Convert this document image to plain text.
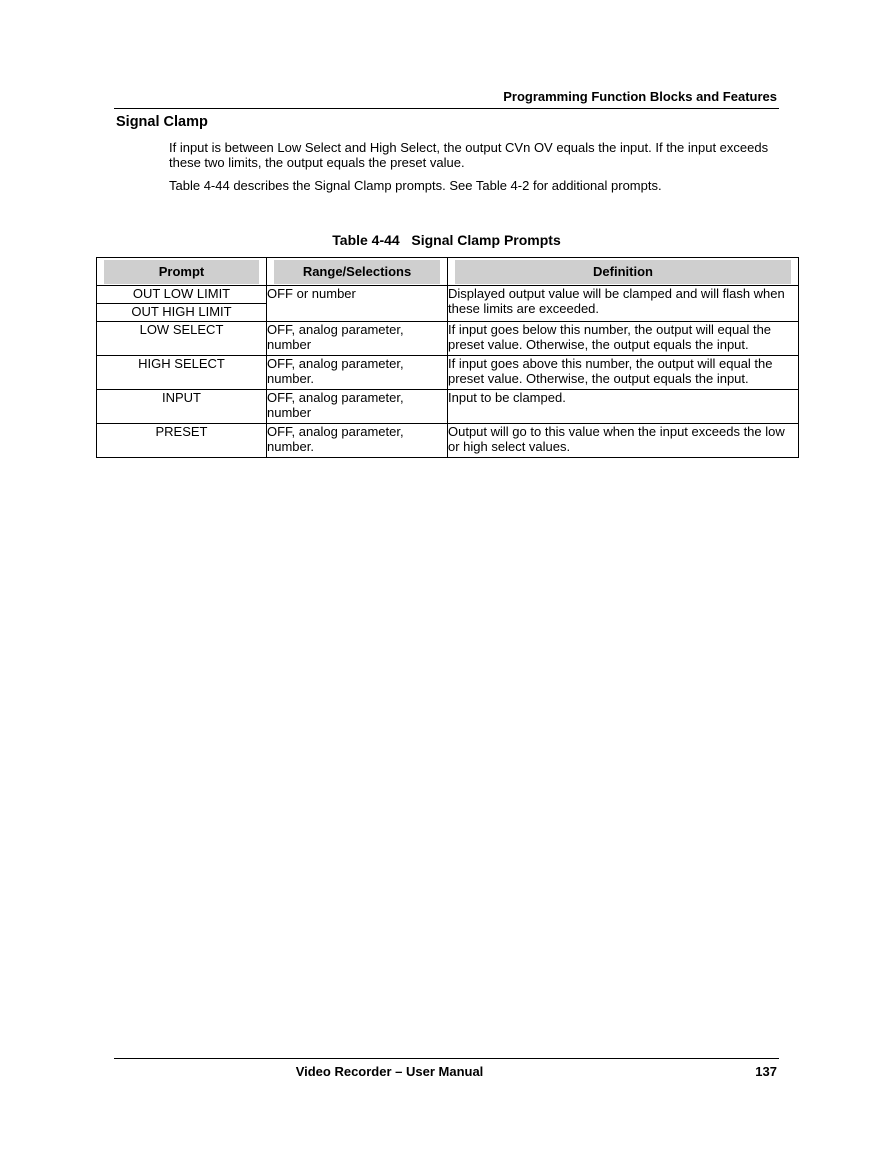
Programming Function Blocks and Features
Signal Clamp

If input is between Low Select and High Select, the output CVn OV equals the input. If the input exceeds these two limits, the output equals the preset value.

Table 4-44 describes the Signal Clamp prompts. See Table 4-2 for additional prompts.

Table 4-44   Signal Clamp Prompts
Prompt	Range/Selections	Definition

OUT LOW LIMIT	OFF or number	Displayed output value will be clamped and will flash when these limits are exceeded.
OUT HIGH LIMIT		
LOW SELECT	OFF, analog parameter, number	If input goes below this number, the output will equal the preset value. Otherwise, the output equals the input.
HIGH SELECT	OFF, analog parameter, number.	If input goes above this number, the output will equal the preset value. Otherwise, the output equals the input.
INPUT	OFF, analog parameter, number	Input to be clamped.
PRESET	OFF, analog parameter, number.	Output will go to this value when the input exceeds the low or high select values.
Video Recorder – User Manual	137
